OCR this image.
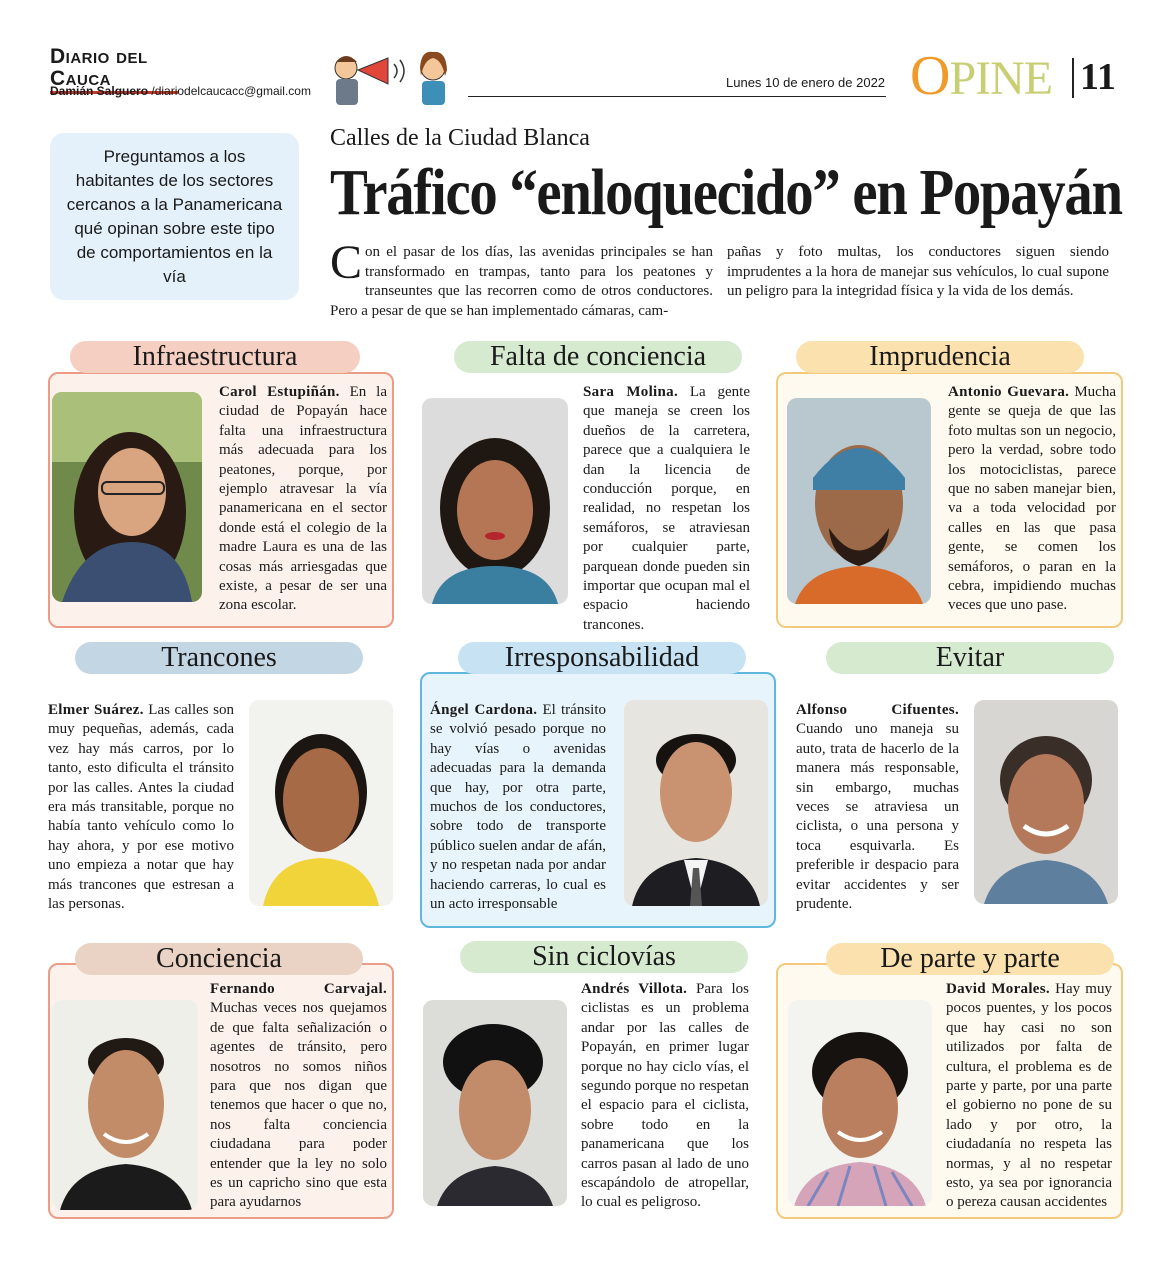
Diario del Cauca
Damián Salguero /diariodelcaucacc@gmail.com
Lunes 10 de enero de 2022 OPINE 11
Preguntamos a los habitantes de los sectores cercanos a la Panamericana qué opinan sobre este tipo de comportamientos en la vía
Calles de la Ciudad Blanca
Tráfico “enloquecido” en Popayán
Con el pasar de los días, las avenidas principales se han transformado en trampas, tanto para los peatones y transeuntes que las recorren como de otros conductores. Pero a pesar de que se han implementado cámaras, cam-
pañas y foto multas, los conductores siguen siendo imprudentes a la hora de manejar sus vehículos, lo cual supone un peligro para la integridad física y la vida de los demás.
Infraestructura
Carol Estupiñán. En la ciudad de Popayán hace falta una infraestructura más adecuada para los peatones, porque, por ejemplo atravesar la vía panamericana en el sector donde está el colegio de la madre Laura es una de las cosas más arriesgadas que existe, a pesar de ser una zona escolar.
Falta de conciencia
Sara Molina. La gente que maneja se creen los dueños de la carretera, parece que a cualquiera le dan la licencia de conducción porque, en realidad, no respetan los semáforos, se atraviesan por cualquier parte, parquean donde pueden sin importar que ocupan mal el espacio haciendo trancones.
Imprudencia
Antonio Guevara. Mucha gente se queja de que las foto multas son un negocio, pero la verdad, sobre todo los motociclistas, parece que no saben manejar bien, va a toda velocidad por calles en las que pasa gente, se comen los semáforos, o paran en la cebra, impidiendo muchas veces que uno pase.
Trancones
Elmer Suárez. Las calles son muy pequeñas, además, cada vez hay más carros, por lo tanto, esto dificulta el tránsito por las calles. Antes la ciudad era más transitable, porque no había tanto vehículo como lo hay ahora, y por ese motivo uno empieza a notar que hay más trancones que estresan a las personas.
Irresponsabilidad
Ángel Cardona. El tránsito se volvió pesado porque no hay vías o avenidas adecuadas para la demanda que hay, por otra parte, muchos de los conductores, sobre todo de transporte público suelen andar de afán, y no respetan nada por andar haciendo carreras, lo cual es un acto irresponsable
Evitar
Alfonso Cifuentes. Cuando uno maneja su auto, trata de hacerlo de la manera más responsable, sin embargo, muchas veces se atraviesa un ciclista, o una persona y toca esquivarla. Es preferible ir despacio para evitar accidentes y ser prudente.
Conciencia
Fernando Carvajal. Muchas veces nos quejamos de que falta señalización o agentes de tránsito, pero nosotros no somos niños para que nos digan que tenemos que hacer o que no, nos falta conciencia ciudadana para poder entender que la ley no solo es un capricho sino que esta para ayudarnos
Sin ciclovías
Andrés Villota. Para los ciclistas es un problema andar por las calles de Popayán, en primer lugar porque no hay ciclo vías, el segundo porque no respetan el espacio para el ciclista, sobre todo en la panamericana que los carros pasan al lado de uno escapándolo de atropellar, lo cual es peligroso.
De parte y parte
David Morales. Hay muy pocos puentes, y los pocos que hay casi no son utilizados por falta de cultura, el problema es de parte y parte, por una parte el gobierno no pone de su lado y por otro, la ciudadanía no respeta las normas, y al no respetar esto, ya sea por ignorancia o pereza causan accidentes
